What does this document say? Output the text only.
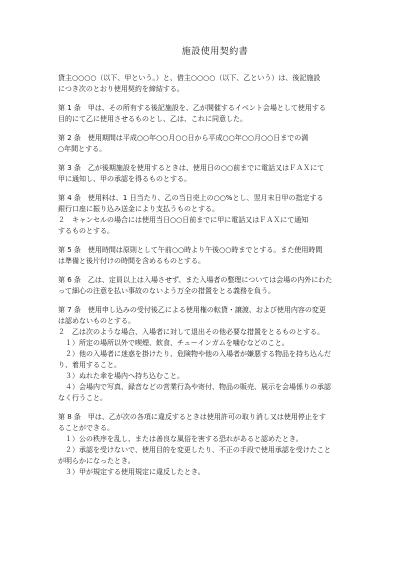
施設使用契約書
貸主○○○○（以下、甲という。）と、借主○○○○（以下、乙という）は、後記施設
につき次のとおり使用契約を締結する。
第 1 条　甲は、その所有する後記施設を、乙が開催するイベント会場として使用する
目的にて乙に使用させるものとし、乙は、これに同意した。
第 2 条　使用期間は平成○○年○○月○○日から平成○○年○○月○○日までの満
○年間とする。
第 3 条　乙が後期施設を使用するときは、使用日の○○前までに電話又はＦＡＸにて
甲に通知し、甲の承認を得るものとする。
第 4 条　使用料は、1 日当たり、乙の当日売上の○○%とし、翌月末日甲の指定する
銀行口座に振り込み送金により支払うものとする。
２　キャンセルの場合には使用当日○○日前までに甲に電話又はＦＡＸにて通知
するものとする。
第 5 条　使用時間は原則として午前○○時より午後○○時までとする。また使用時間
は準備と後片付けの時間を含めるものとする。
第 6 条　乙は、定員以上は入場させず、また入場者の整理については会場の内外にわた
って細心の注意を払い事故のないよう万全の措置をとる義務を負う。
第 7 条　使用申し込みの受付後乙による使用権の転貸・譲渡、および使用内容の変更
は認めないものとする。
２　乙は次のような場合、入場者に対して退出その他必要な措置をとるものとする。
　１）所定の場所以外で喫煙、飲食、チューインガムを噛むなどのこと。
　２）他の入場者に迷惑を掛けたり、危険物や他の入場者が嫌悪する物品を持ち込んだ
り、着用すること。
　３）ぬれた傘を場内へ持ち込むこと。
　４）会場内で写真、録音などの営業行為や寄付、物品の販売、展示を会場係りの承認
なく行うこと。
第 8 条　甲は、乙が次の各項に違反するときは使用許可の取り消し又は使用停止をす
ることができる。
　１）公の秩序を乱し、または善良な風俗を害する恐れがあると認めたとき。
　２）承認を受けないで、使用目的を変更したり、不正の手段で使用承認を受けたこと
が明らかになったとき。
　３）甲が規定する使用規定に違反したとき。
